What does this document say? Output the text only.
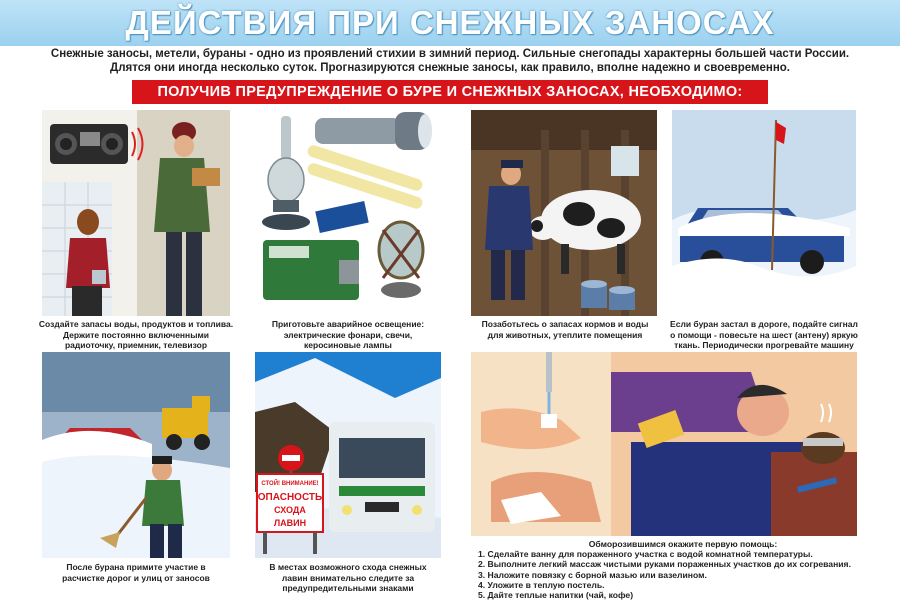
ДЕЙСТВИЯ ПРИ СНЕЖНЫХ ЗАНОСАХ
Снежные заносы, метели, бураны - одно из проявлений стихии в зимний период. Сильные снегопады характерны большей части России.
Длятся они иногда несколько суток. Прогназируются снежные заносы, как правило, вполне надежно и своевременно.
ПОЛУЧИВ ПРЕДУПРЕЖДЕНИЕ О БУРЕ И СНЕЖНЫХ ЗАНОСАХ, НЕОБХОДИМО:
Создайте запасы воды, продуктов и топлива.
Держите постоянно включенными
радиоточку, приемник, телевизор
Приготовьте аварийное освещение:
электрические фонари, свечи,
керосиновые лампы
Позаботьтесь о запасах кормов и воды
для животных, утеплите помещения
Если буран застал в дороге, подайте сигнал
о помощи - повесьте на шест (антену) яркую
ткань. Периодически прогревайте машину
После бурана примите участие в
расчистке дорог и улиц от заносов
СТОЙ! ВНИМАНИЕ!
ОПАСНОСТЬ
СХОДА
ЛАВИН
В местах возможного схода снежных
лавин внимательно следите за
предупредительными знаками
Обморозившимся окажите первую помощь:
1. Сделайте ванну для пораженного участка с водой комнатной температуры.
2. Выполните легкий массаж чистыми руками пораженных участков до их согревания.
3. Наложите повязку с борной мазью или вазелином.
4. Уложите в теплую постель.
5. Дайте теплые напитки (чай, кофе)
